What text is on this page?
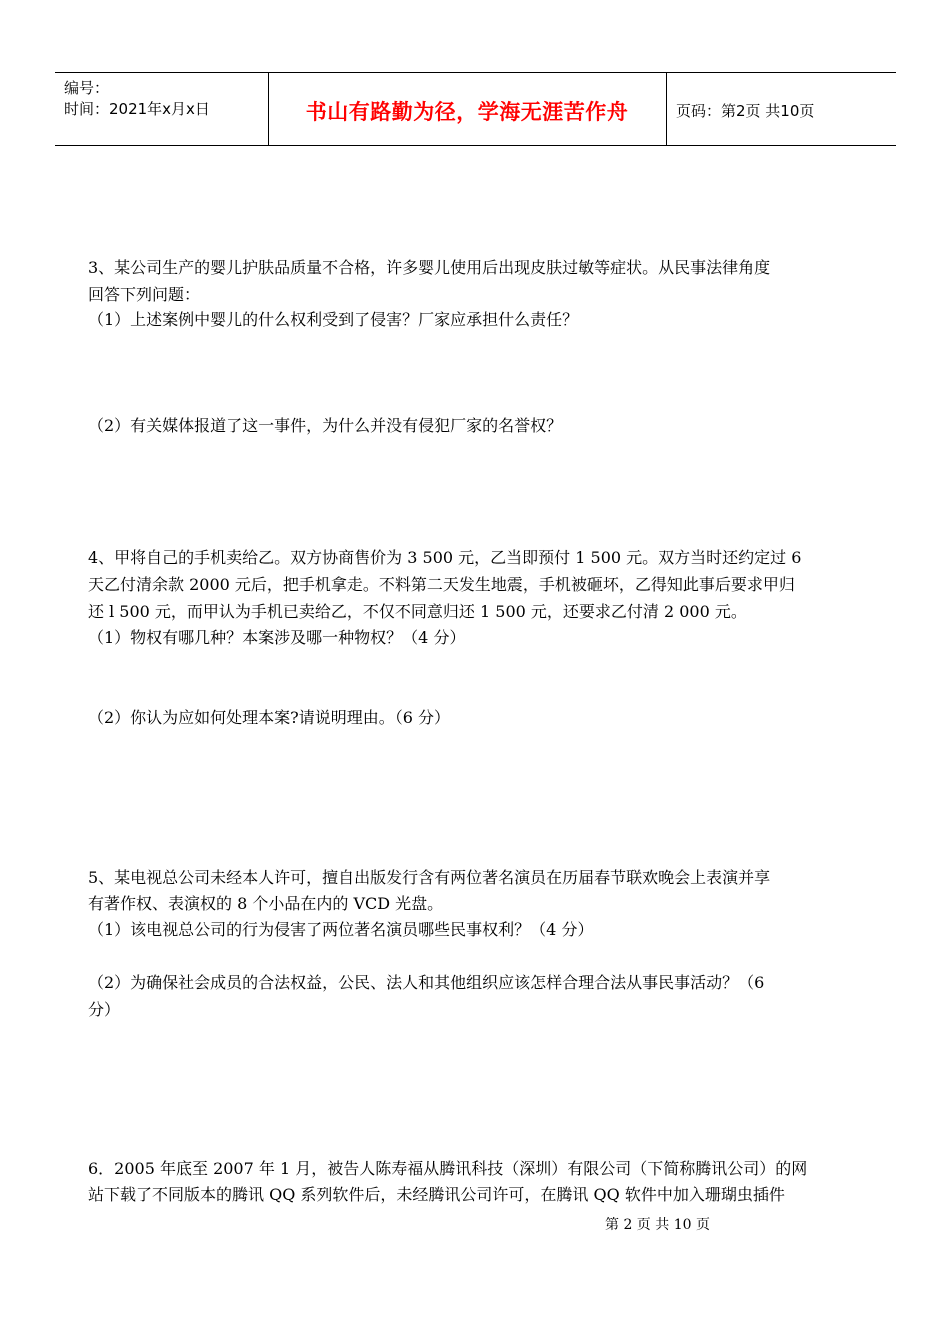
编号：
时间：2021年x月x日	书山有路勤为径，学海无涯苦作舟	页码：第2页 共10页
3、某公司生产的婴儿护肤品质量不合格，许多婴儿使用后出现皮肤过敏等症状。从民事法律角度
回答下列问题：
（1）上述案例中婴儿的什么权利受到了侵害？厂家应承担什么责任？
（2）有关媒体报道了这一事件，为什么并没有侵犯厂家的名誉权？
4、甲将自己的手机卖给乙。双方协商售价为 3 500 元，乙当即预付 1 500 元。双方当时还约定过 6
天乙付清余款 2000 元后，把手机拿走。不料第二天发生地震，手机被砸坏，乙得知此事后要求甲归
还 l 500 元，而甲认为手机已卖给乙，不仅不同意归还 1 500 元，还要求乙付清 2 000 元。
（1）物权有哪几种？本案涉及哪一种物权？（4 分）
（2）你认为应如何处理本案?请说明理由。（6 分）
5、某电视总公司未经本人许可，擅自出版发行含有两位著名演员在历届春节联欢晚会上表演并享
有著作权、表演权的 8 个小品在内的 VCD 光盘。
（1）该电视总公司的行为侵害了两位著名演员哪些民事权利？（4 分）
（2）为确保社会成员的合法权益，公民、法人和其他组织应该怎样合理合法从事民事活动？（6
分）
6．2005 年底至 2007 年 1 月，被告人陈寿福从腾讯科技（深圳）有限公司（下简称腾讯公司）的网
站下载了不同版本的腾讯 QQ 系列软件后，未经腾讯公司许可，在腾讯 QQ 软件中加入珊瑚虫插件
第 2 页 共 10 页
